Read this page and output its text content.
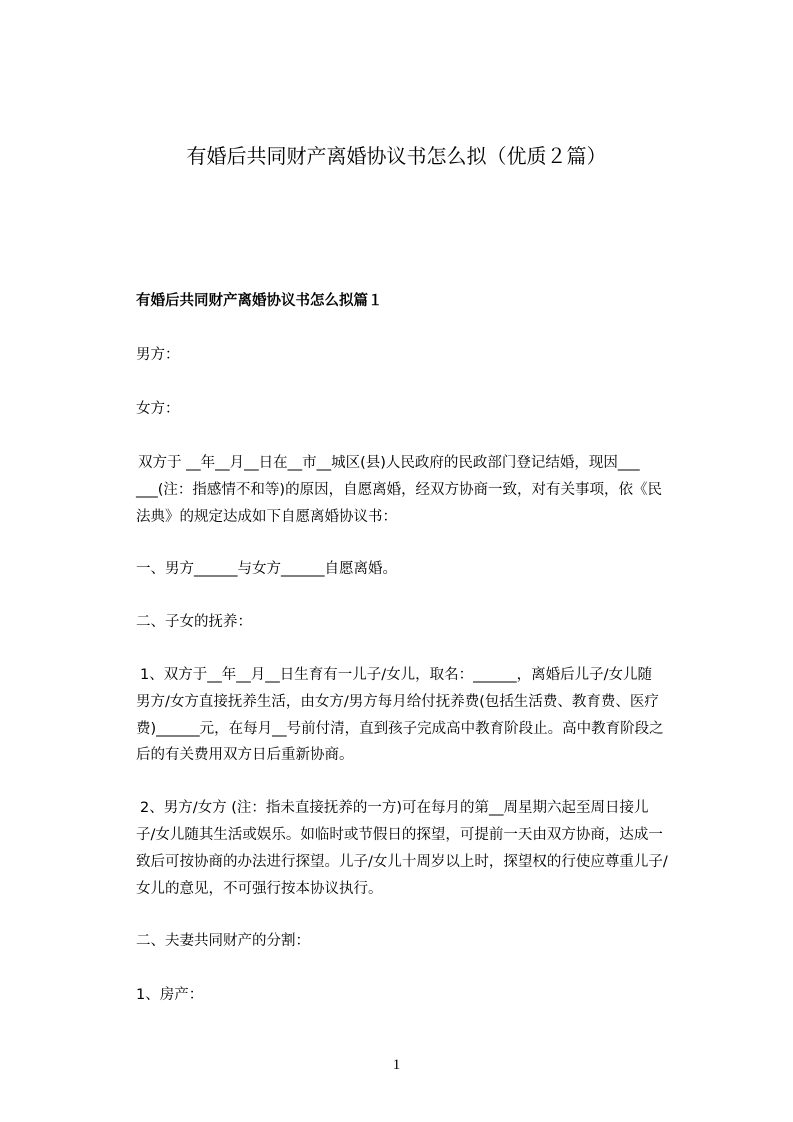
有婚后共同财产离婚协议书怎么拟（优质２篇）

有婚后共同财产离婚协议书怎么拟篇１

男方：

女方：

双方于 __年__月__日在__市__城区(县)人民政府的民政部门登记结婚，现因___

___(注：指感情不和等)的原因，自愿离婚，经双方协商一致，对有关事项，依《民

法典》的规定达成如下自愿离婚协议书：

一、男方______与女方______自愿离婚。

二、子女的抚养：

1、双方于__年__月__日生育有一儿子/女儿，取名：______，离婚后儿子/女儿随

男方/女方直接抚养生活，由女方/男方每月给付抚养费(包括生活费、教育费、医疗

费)______元，在每月__号前付清，直到孩子完成高中教育阶段止。高中教育阶段之

后的有关费用双方日后重新协商。

2、男方/女方 (注：指未直接抚养的一方)可在每月的第__周星期六起至周日接儿

子/女儿随其生活或娱乐。如临时或节假日的探望，可提前一天由双方协商，达成一

致后可按协商的办法进行探望。儿子/女儿十周岁以上时，探望权的行使应尊重儿子/

女儿的意见，不可强行按本协议执行。

二、夫妻共同财产的分割：

1、房产：

1
